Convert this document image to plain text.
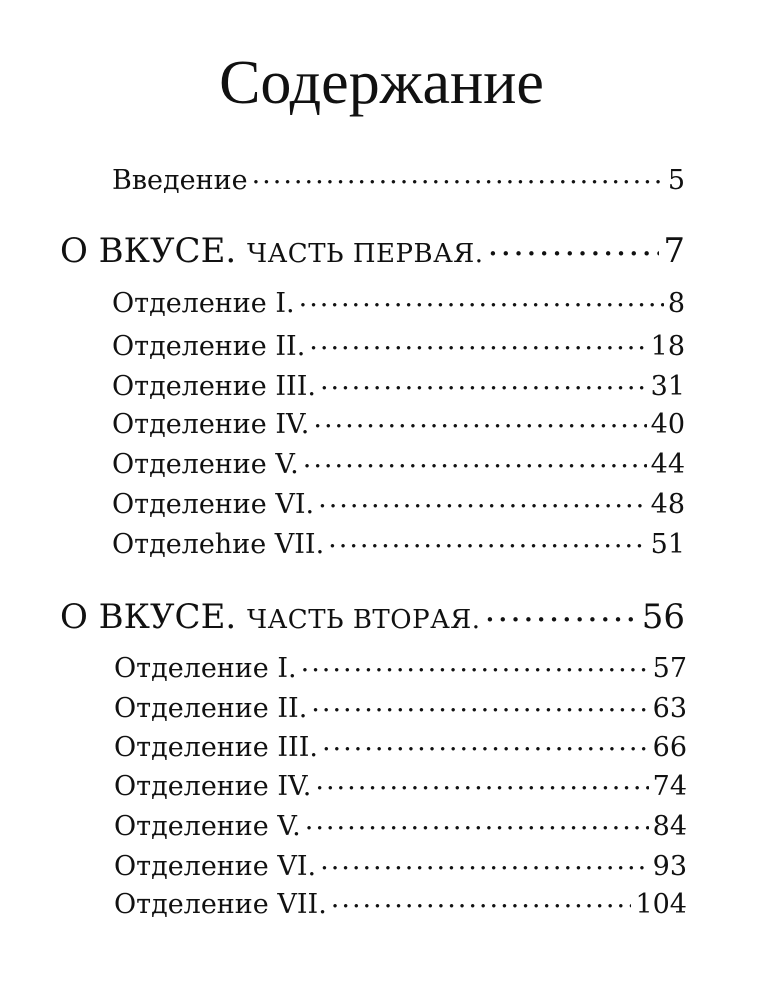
Содержание
Введение .....	5
О ВКУСЕ. ЧАСТЬ ПЕРВАЯ. .....	7
Отделение I. .....	8
Отделение II. .....	18
Отделение III. .....	31
Отделение IV. .....	40
Отделение V. .....	44
Отделение VI. .....	48
Отделеhие VII. .....	51
О ВКУСЕ. ЧАСТЬ ВТОРАЯ. .....	56
Отделение I. .....	57
Отделение II. .....	63
Отделение III. .....	66
Отделение IV. .....	74
Отделение V. .....	84
Отделение VI. .....	93
Отделение VII. .....	104
